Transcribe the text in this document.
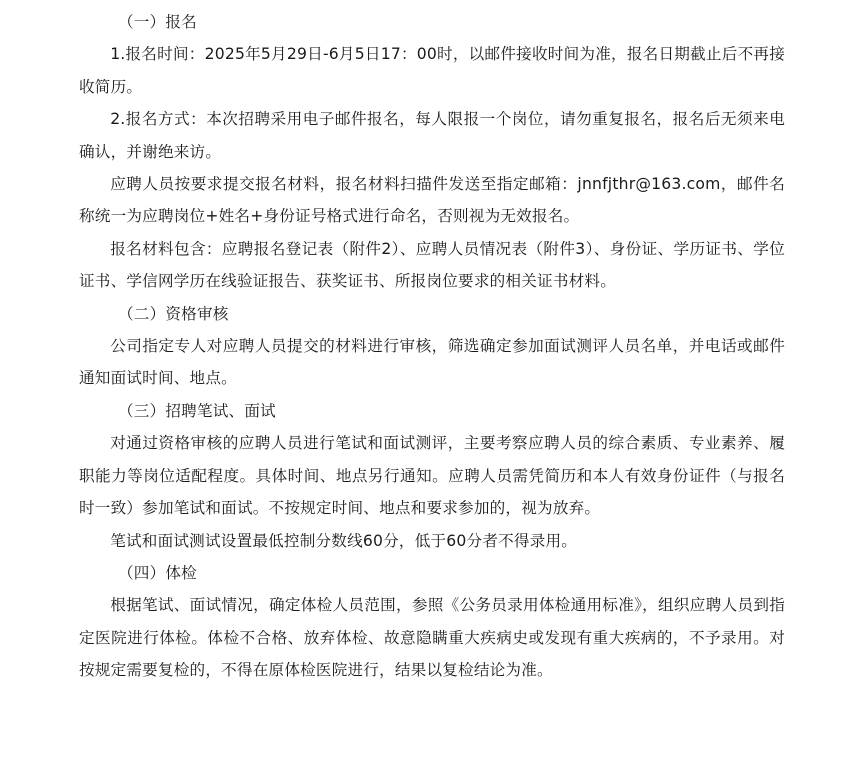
（一）报名
1.报名时间：2025年5月29日-6月5日17：00时，以邮件接收时间为准，报名日期截止后不再接收简历。
2.报名方式：本次招聘采用电子邮件报名，每人限报一个岗位，请勿重复报名，报名后无须来电确认，并谢绝来访。
应聘人员按要求提交报名材料，报名材料扫描件发送至指定邮箱：jnnfjthr@163.com，邮件名称统一为应聘岗位+姓名+身份证号格式进行命名，否则视为无效报名。
报名材料包含：应聘报名登记表（附件2）、应聘人员情况表（附件3）、身份证、学历证书、学位证书、学信网学历在线验证报告、获奖证书、所报岗位要求的相关证书材料。
（二）资格审核
公司指定专人对应聘人员提交的材料进行审核，筛选确定参加面试测评人员名单，并电话或邮件通知面试时间、地点。
（三）招聘笔试、面试
对通过资格审核的应聘人员进行笔试和面试测评，主要考察应聘人员的综合素质、专业素养、履职能力等岗位适配程度。具体时间、地点另行通知。应聘人员需凭简历和本人有效身份证件（与报名时一致）参加笔试和面试。不按规定时间、地点和要求参加的，视为放弃。
笔试和面试测试设置最低控制分数线60分，低于60分者不得录用。
（四）体检
根据笔试、面试情况，确定体检人员范围，参照《公务员录用体检通用标准》，组织应聘人员到指定医院进行体检。体检不合格、放弃体检、故意隐瞒重大疾病史或发现有重大疾病的，不予录用。对按规定需要复检的，不得在原体检医院进行，结果以复检结论为准。
